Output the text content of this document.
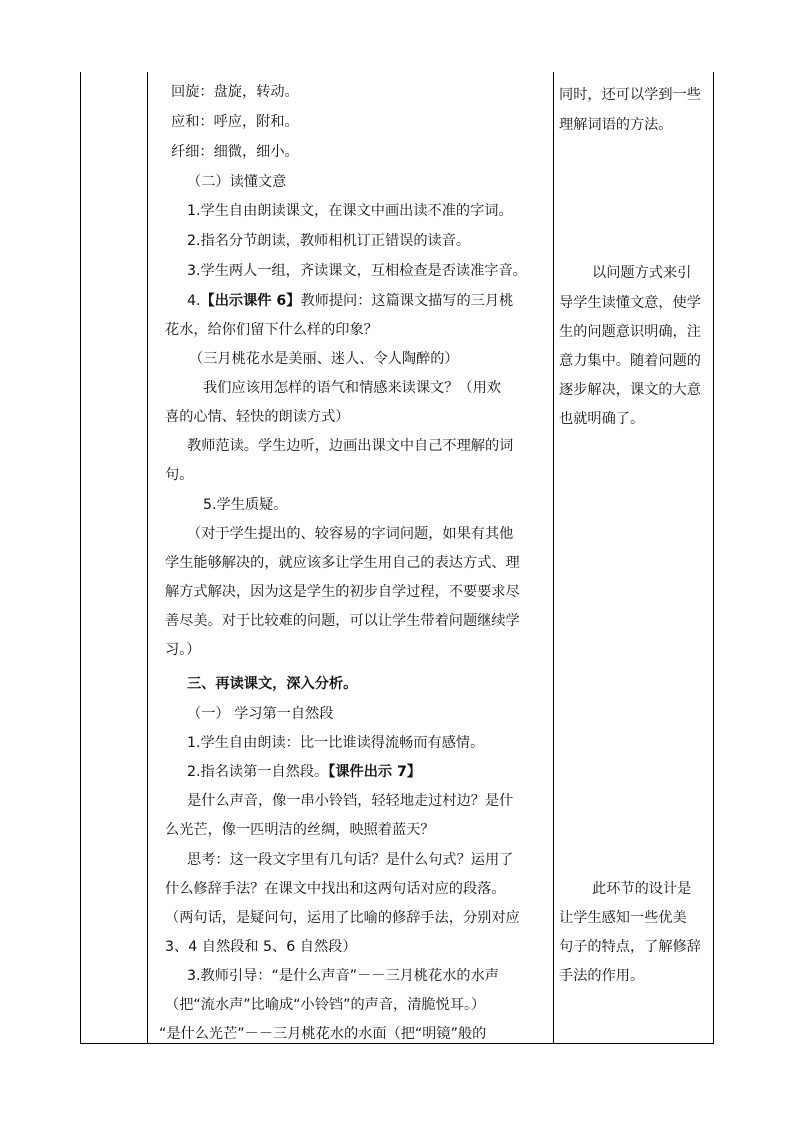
回旋：盘旋，转动。
应和：呼应，附和。
纤细：细微，细小。
（二）读懂文意
1.学生自由朗读课文，在课文中画出读不准的字词。
2.指名分节朗读，教师相机订正错误的读音。
3.学生两人一组，齐读课文，互相检查是否读准字音。
4.【出示课件 6】教师提问：这篇课文描写的三月桃
花水，给你们留下什么样的印象？
（三月桃花水是美丽、迷人、令人陶醉的）
我们应该用怎样的语气和情感来读课文？（用欢
喜的心情、轻快的朗读方式）
教师范读。学生边听，边画出课文中自己不理解的词
句。
5.学生质疑。
（对于学生提出的、较容易的字词问题，如果有其他
学生能够解决的，就应该多让学生用自己的表达方式、理
解方式解决，因为这是学生的初步自学过程，不要要求尽
善尽美。对于比较难的问题，可以让学生带着问题继续学
习。）
三、再读课文，深入分析。
（一） 学习第一自然段
1.学生自由朗读：比一比谁读得流畅而有感情。
2.指名读第一自然段。【课件出示 7】
是什么声音，像一串小铃铛，轻轻地走过村边？是什
么光芒，像一匹明洁的丝绸，映照着蓝天？
思考：这一段文字里有几句话？是什么句式？运用了
什么修辞手法？在课文中找出和这两句话对应的段落。
（两句话，是疑问句，运用了比喻的修辞手法，分别对应
3、4 自然段和 5、6 自然段）
3.教师引导：“是什么声音”－－三月桃花水的水声
（把“流水声”比喻成“小铃铛”的声音，清脆悦耳。）
“是什么光芒”－－三月桃花水的水面（把“明镜”般的
同时，还可以学到一些
理解词语的方法。
以问题方式来引
导学生读懂文意，使学
生的问题意识明确，注
意力集中。随着问题的
逐步解决，课文的大意
也就明确了。
此环节的设计是
让学生感知一些优美
句子的特点，了解修辞
手法的作用。
